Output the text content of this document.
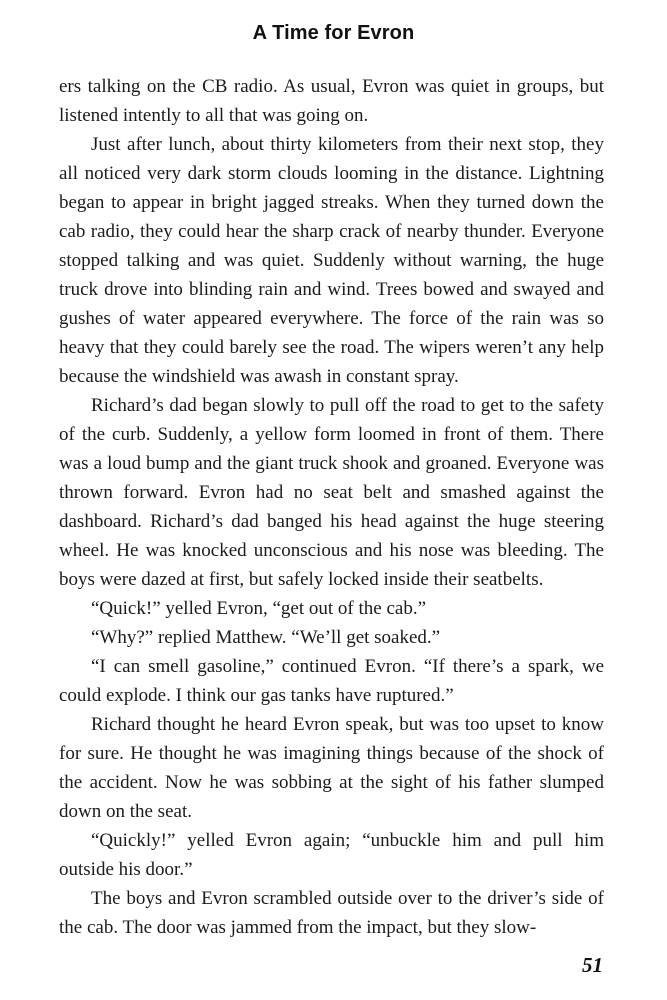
A Time for Evron

ers talking on the CB radio. As usual, Evron was quiet in groups, but listened intently to all that was going on.

Just after lunch, about thirty kilometers from their next stop, they all noticed very dark storm clouds looming in the distance. Lightning began to appear in bright jagged streaks. When they turned down the cab radio, they could hear the sharp crack of nearby thunder. Everyone stopped talking and was quiet. Suddenly without warning, the huge truck drove into blinding rain and wind. Trees bowed and swayed and gushes of water appeared everywhere. The force of the rain was so heavy that they could barely see the road. The wipers weren’t any help because the windshield was awash in constant spray.

Richard’s dad began slowly to pull off the road to get to the safety of the curb. Suddenly, a yellow form loomed in front of them. There was a loud bump and the giant truck shook and groaned. Everyone was thrown forward. Evron had no seat belt and smashed against the dashboard. Richard’s dad banged his head against the huge steering wheel. He was knocked unconscious and his nose was bleeding. The boys were dazed at first, but safely locked inside their seatbelts.

“Quick!” yelled Evron, “get out of the cab.”

“Why?” replied Matthew. “We’ll get soaked.”

“I can smell gasoline,” continued Evron. “If there’s a spark, we could explode. I think our gas tanks have ruptured.”

Richard thought he heard Evron speak, but was too upset to know for sure. He thought he was imagining things because of the shock of the accident. Now he was sobbing at the sight of his father slumped down on the seat.

“Quickly!” yelled Evron again; “unbuckle him and pull him outside his door.”

The boys and Evron scrambled outside over to the driver’s side of the cab. The door was jammed from the impact, but they slow-

51
